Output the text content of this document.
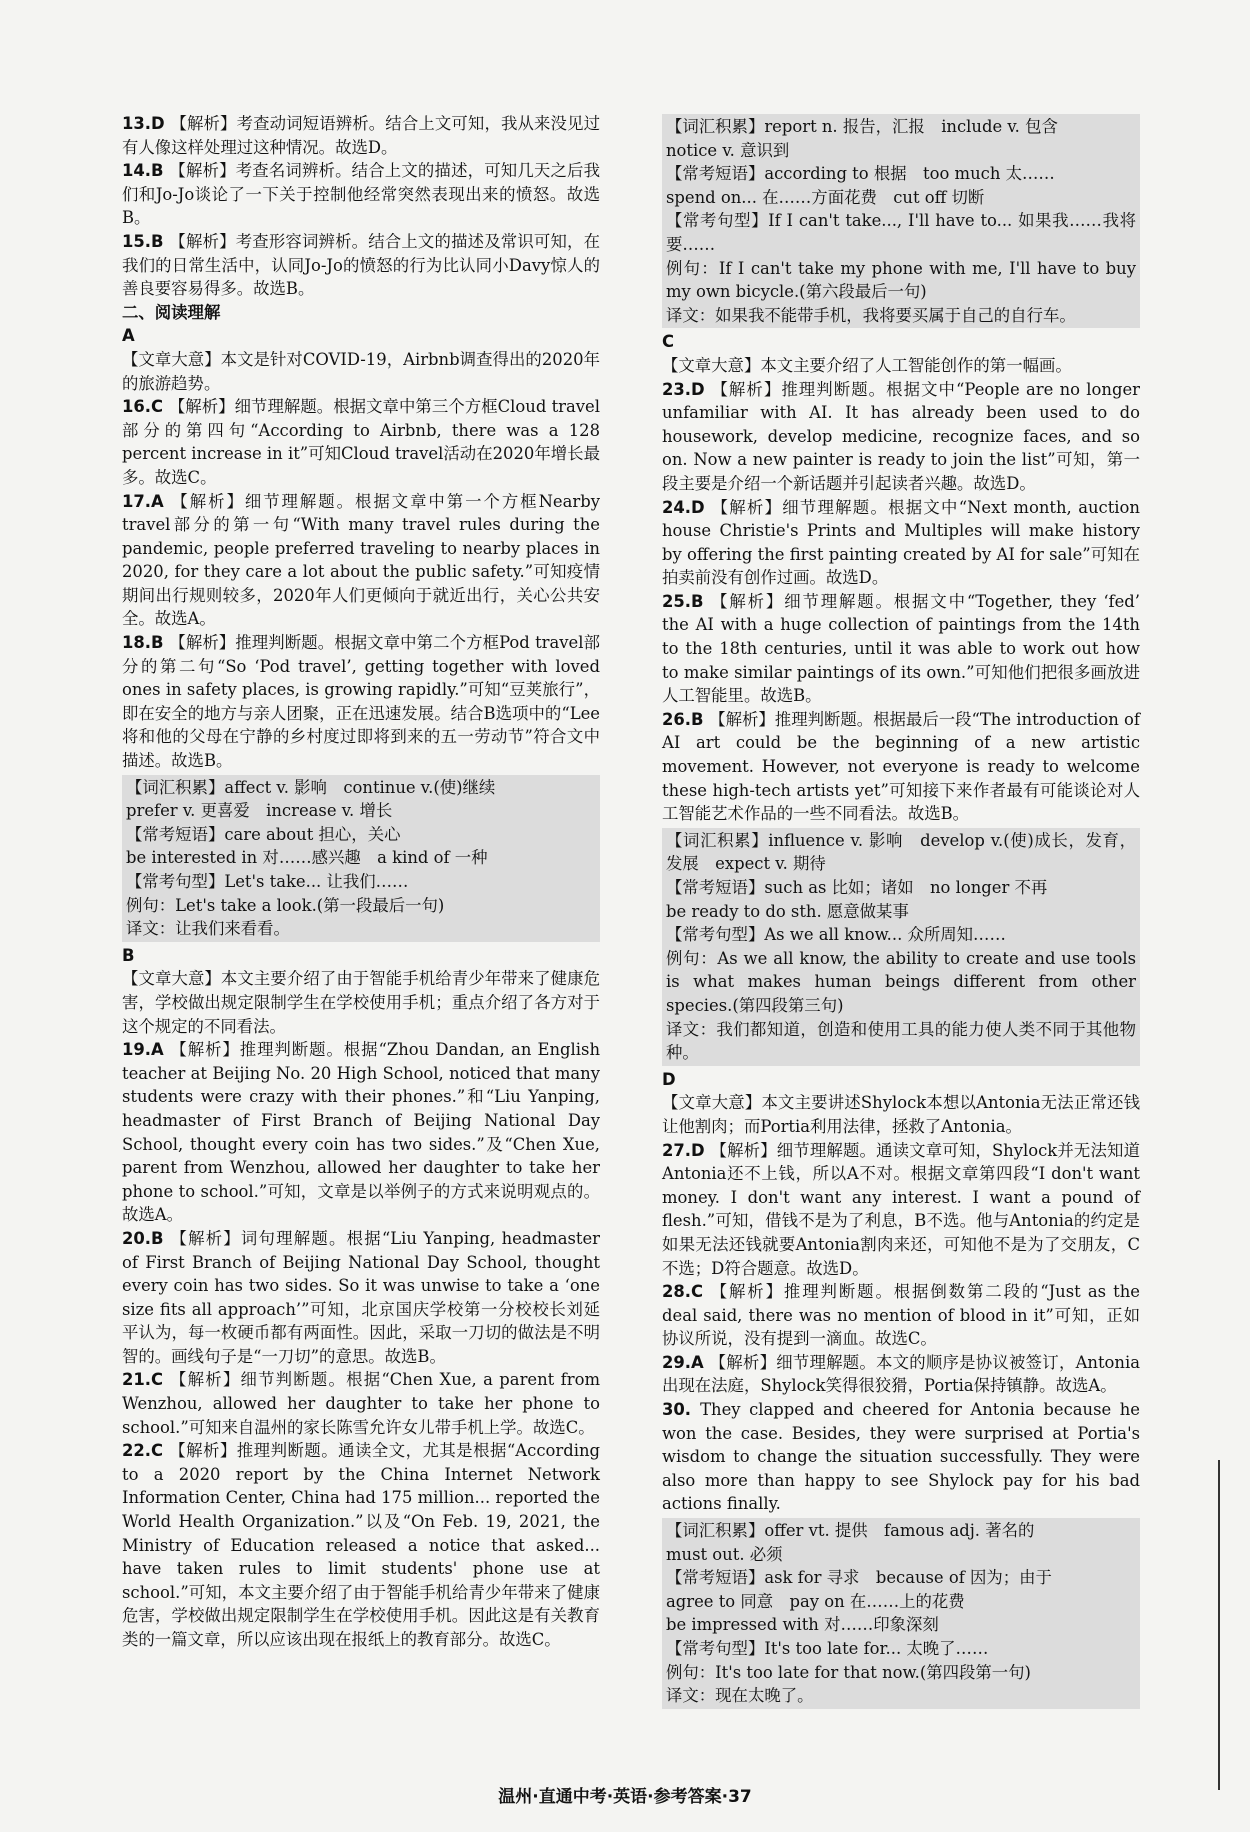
13.D 【解析】考查动词短语辨析。结合上文可知，我从来没见过有人像这样处理过这种情况。故选D。

14.B 【解析】考查名词辨析。结合上文的描述，可知几天之后我们和Jo-Jo谈论了一下关于控制他经常突然表现出来的愤怒。故选B。

15.B 【解析】考查形容词辨析。结合上文的描述及常识可知，在我们的日常生活中，认同Jo-Jo的愤怒的行为比认同小Davy惊人的善良要容易得多。故选B。

二、阅读理解

A

【文章大意】本文是针对COVID-19，Airbnb调查得出的2020年的旅游趋势。

16.C 【解析】细节理解题。根据文章中第三个方框Cloud travel部分的第四句“According to Airbnb, there was a 128 percent increase in it”可知Cloud travel活动在2020年增长最多。故选C。

17.A 【解析】细节理解题。根据文章中第一个方框Nearby travel部分的第一句“With many travel rules during the pandemic, people preferred traveling to nearby places in 2020, for they care a lot about the public safety.”可知疫情期间出行规则较多，2020年人们更倾向于就近出行，关心公共安全。故选A。

18.B 【解析】推理判断题。根据文章中第二个方框Pod travel部分的第二句“So ‘Pod travel’, getting together with loved ones in safety places, is growing rapidly.”可知“豆荚旅行”，即在安全的地方与亲人团聚，正在迅速发展。结合B选项中的“Lee将和他的父母在宁静的乡村度过即将到来的五一劳动节”符合文中描述。故选B。

【词汇积累】affect v. 影响　continue v.(使)继续

prefer v. 更喜爱　increase v. 增长

【常考短语】care about 担心，关心

be interested in 对……感兴趣　a kind of 一种

【常考句型】Let's take... 让我们……

例句：Let's take a look.(第一段最后一句)

译文：让我们来看看。

B

【文章大意】本文主要介绍了由于智能手机给青少年带来了健康危害，学校做出规定限制学生在学校使用手机；重点介绍了各方对于这个规定的不同看法。

19.A 【解析】推理判断题。根据“Zhou Dandan, an English teacher at Beijing No. 20 High School, noticed that many students were crazy with their phones.”和“Liu Yanping, headmaster of First Branch of Beijing National Day School, thought every coin has two sides.”及“Chen Xue, parent from Wenzhou, allowed her daughter to take her phone to school.”可知，文章是以举例子的方式来说明观点的。故选A。

20.B 【解析】词句理解题。根据“Liu Yanping, headmaster of First Branch of Beijing National Day School, thought every coin has two sides. So it was unwise to take a ‘one size fits all approach’”可知，北京国庆学校第一分校校长刘延平认为，每一枚硬币都有两面性。因此，采取一刀切的做法是不明智的。画线句子是“一刀切”的意思。故选B。

21.C 【解析】细节判断题。根据“Chen Xue, a parent from Wenzhou, allowed her daughter to take her phone to school.”可知来自温州的家长陈雪允许女儿带手机上学。故选C。

22.C 【解析】推理判断题。通读全文，尤其是根据“According to a 2020 report by the China Internet Network Information Center, China had 175 million... reported the World Health Organization.”以及“On Feb. 19, 2021, the Ministry of Education released a notice that asked... have taken rules to limit students' phone use at school.”可知，本文主要介绍了由于智能手机给青少年带来了健康危害，学校做出规定限制学生在学校使用手机。因此这是有关教育类的一篇文章，所以应该出现在报纸上的教育部分。故选C。

【词汇积累】report n. 报告，汇报　include v. 包含

notice v. 意识到

【常考短语】according to 根据　too much 太……

spend on... 在……方面花费　cut off 切断

【常考句型】If I can't take..., I'll have to... 如果我……我将要……

例句：If I can't take my phone with me, I'll have to buy my own bicycle.(第六段最后一句)

译文：如果我不能带手机，我将要买属于自己的自行车。

C

【文章大意】本文主要介绍了人工智能创作的第一幅画。

23.D 【解析】推理判断题。根据文中“People are no longer unfamiliar with AI. It has already been used to do housework, develop medicine, recognize faces, and so on. Now a new painter is ready to join the list”可知，第一段主要是介绍一个新话题并引起读者兴趣。故选D。

24.D 【解析】细节理解题。根据文中“Next month, auction house Christie's Prints and Multiples will make history by offering the first painting created by AI for sale”可知在拍卖前没有创作过画。故选D。

25.B 【解析】细节理解题。根据文中“Together, they ‘fed’ the AI with a huge collection of paintings from the 14th to the 18th centuries, until it was able to work out how to make similar paintings of its own.”可知他们把很多画放进人工智能里。故选B。

26.B 【解析】推理判断题。根据最后一段“The introduction of AI art could be the beginning of a new artistic movement. However, not everyone is ready to welcome these high-tech artists yet”可知接下来作者最有可能谈论对人工智能艺术作品的一些不同看法。故选B。

【词汇积累】influence v. 影响　develop v.(使)成长，发育，发展　expect v. 期待

【常考短语】such as 比如；诸如　no longer 不再

be ready to do sth. 愿意做某事

【常考句型】As we all know... 众所周知……

例句：As we all know, the ability to create and use tools is what makes human beings different from other species.(第四段第三句)

译文：我们都知道，创造和使用工具的能力使人类不同于其他物种。

D

【文章大意】本文主要讲述Shylock本想以Antonia无法正常还钱让他割肉；而Portia利用法律，拯救了Antonia。

27.D 【解析】细节理解题。通读文章可知，Shylock并无法知道Antonia还不上钱，所以A不对。根据文章第四段“I don't want money. I don't want any interest. I want a pound of flesh.”可知，借钱不是为了利息，B不选。他与Antonia的约定是如果无法还钱就要Antonia割肉来还，可知他不是为了交朋友，C不选；D符合题意。故选D。

28.C 【解析】推理判断题。根据倒数第二段的“Just as the deal said, there was no mention of blood in it”可知，正如协议所说，没有提到一滴血。故选C。

29.A 【解析】细节理解题。本文的顺序是协议被签订，Antonia出现在法庭，Shylock笑得很狡猾，Portia保持镇静。故选A。

30. They clapped and cheered for Antonia because he won the case. Besides, they were surprised at Portia's wisdom to change the situation successfully. They were also more than happy to see Shylock pay for his bad actions finally.

【词汇积累】offer vt. 提供　famous adj. 著名的

must out. 必须

【常考短语】ask for 寻求　because of 因为；由于

agree to 同意　pay on 在……上的花费

be impressed with 对……印象深刻

【常考句型】It's too late for... 太晚了……

例句：It's too late for that now.(第四段第一句)

译文：现在太晚了。

温州·直通中考·英语·参考答案·37
